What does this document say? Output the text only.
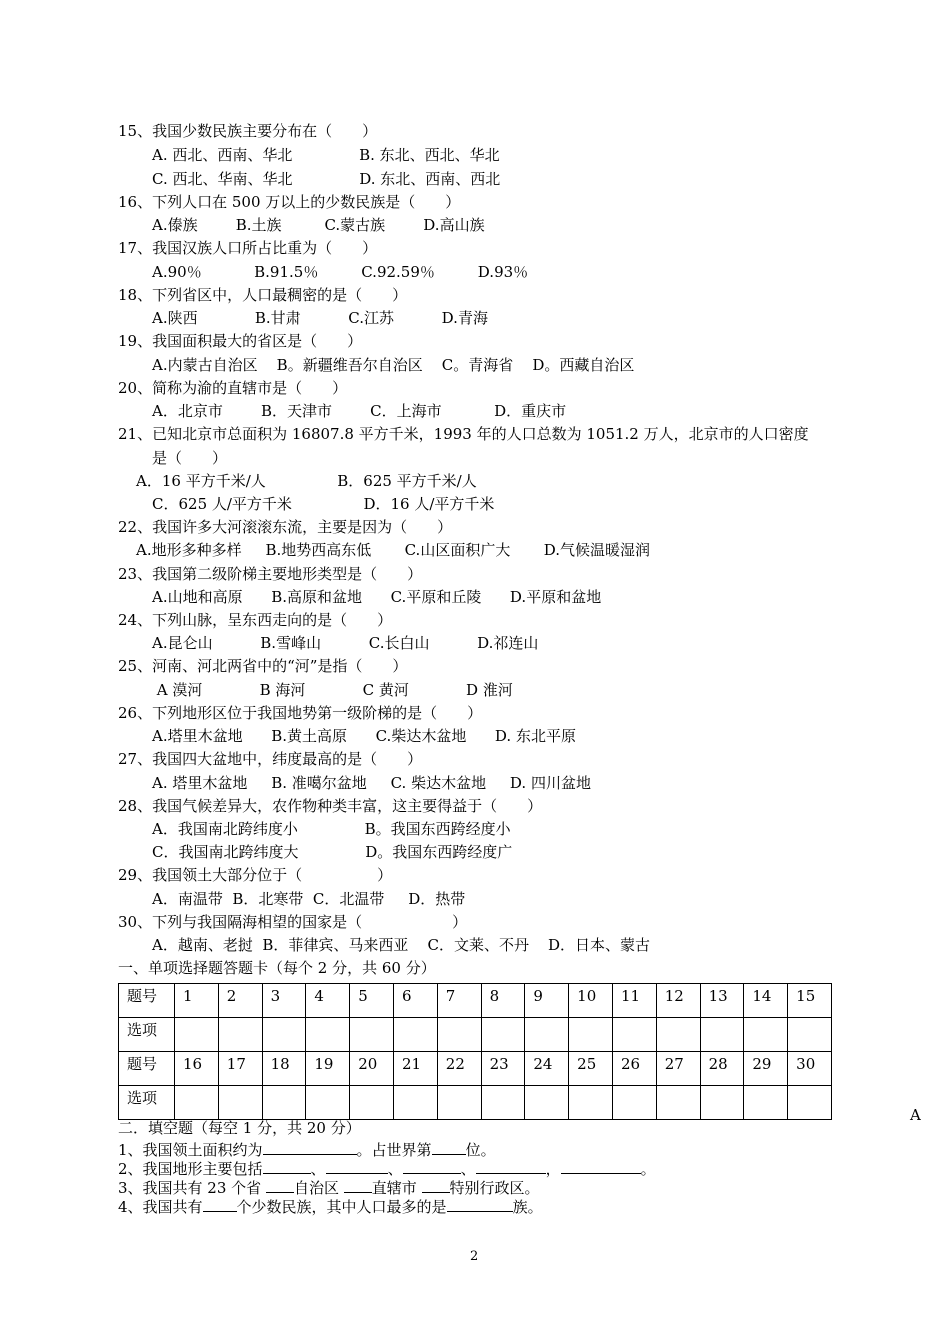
15、我国少数民族主要分布在（　　）
A. 西北、西南、华北              B. 东北、西北、华北
C. 西北、华南、华北              D. 东北、西南、西北
16、下列人口在 500 万以上的少数民族是（　　）
A.傣族        B.土族         C.蒙古族        D.高山族
17、我国汉族人口所占比重为（　　）
A.90％           B.91.5％         C.92.59％         D.93％
18、下列省区中，人口最稠密的是（　　）
A.陕西            B.甘肃          C.江苏          D.青海
19、我国面积最大的省区是（　　）
A.内蒙古自治区    B。新疆维吾尔自治区    C。青海省    D。西藏自治区
20、简称为渝的直辖市是（　　）
A．北京市        B．天津市        C．上海市           D．重庆市
21、已知北京市总面积为 16807.8 平方千米，1993 年的人口总数为 1051.2 万人，北京市的人口密度
是（　　）
A．16 平方千米/人               B．625 平方千米/人
C．625 人/平方千米               D．16 人/平方千米
22、我国许多大河滚滚东流，主要是因为（　　）
A.地形多种多样     B.地势西高东低       C.山区面积广大       D.气候温暖湿润
23、我国第二级阶梯主要地形类型是（　　）
A.山地和高原      B.高原和盆地      C.平原和丘陵      D.平原和盆地
24、下列山脉，呈东西走向的是（　　）
A.昆仑山          B.雪峰山          C.长白山          D.祁连山
25、河南、河北两省中的“河”是指（　　）
A 漠河            B 海河            C 黄河            D 淮河
26、下列地形区位于我国地势第一级阶梯的是（　　）
A.塔里木盆地      B.黄土高原      C.柴达木盆地      D. 东北平原
27、我国四大盆地中，纬度最高的是（　　）
A. 塔里木盆地     B. 准噶尔盆地     C. 柴达木盆地     D. 四川盆地
28、我国气候差异大，农作物种类丰富，这主要得益于（　　）
A．我国南北跨纬度小              B。我国东西跨经度小
C．我国南北跨纬度大              D。我国东西跨经度广
29、我国领土大部分位于（　　　　　）
A．南温带  B．北寒带  C．北温带     D．热带
30、下列与我国隔海相望的国家是（　　　　　　）
A．越南、老挝  B．菲律宾、马来西亚    C．文莱、不丹    D．日本、蒙古
一、单项选择题答题卡（每个 2 分，共 60 分）
题号	1	2	3	4	5	6	7	8	9	10	11	12	13	14	15
选项															
题号	16	17	18	19	20	21	22	23	24	25	26	27	28	29	30
选项															
A
二．填空题（每空 1 分，共 20 分）
1、我国领土面积约为	。占世界第 位。
2、我国地形主要包括	、	、	、	，	。
3、我国共有 23 个省 自治区 直辖市 特别行政区。
4、我国共有 个少数民族，其中人口最多的是	族。
2
